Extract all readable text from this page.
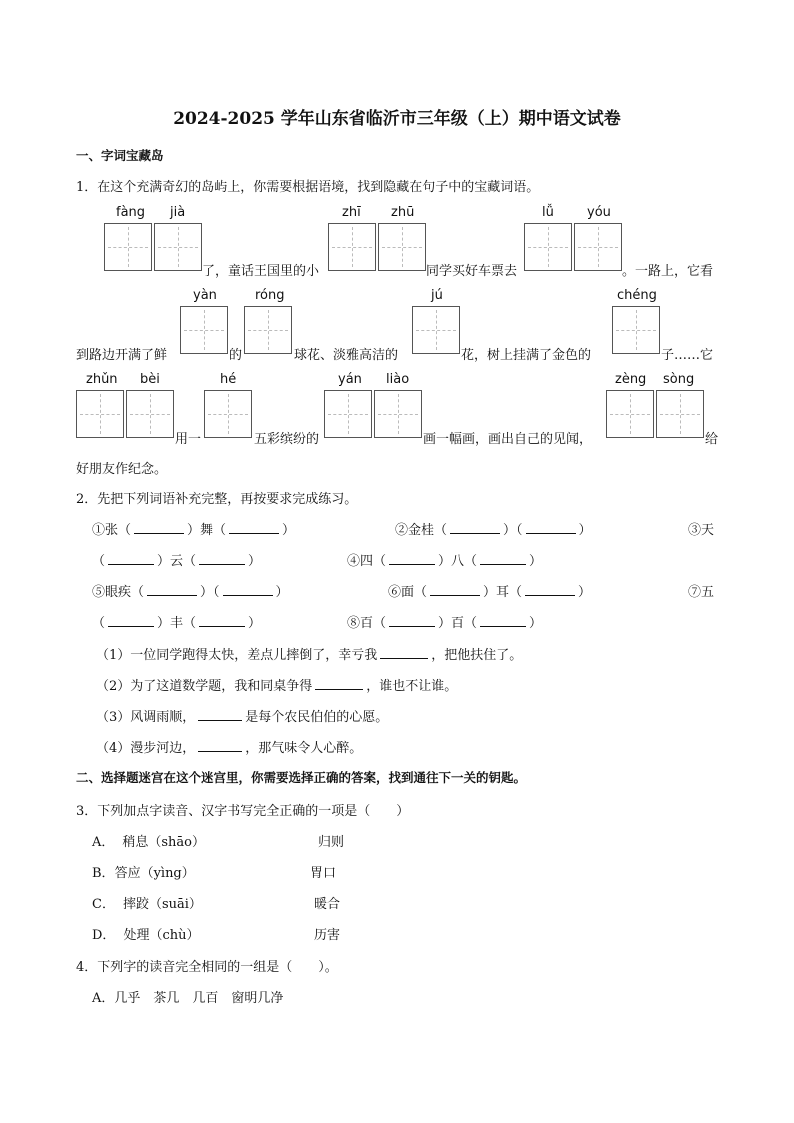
2024-2025 学年山东省临沂市三年级（上）期中语文试卷
一、字词宝藏岛
1．在这个充满奇幻的岛屿上，你需要根据语境，找到隐藏在句子中的宝藏词语。
fàng jià
了，童话王国里的小
zhī zhū
同学买好车票去
lǚ	yóu
。一路上，它看
到路边开满了鲜
yàn
的
róng
球花、淡雅高洁的
jú
花，树上挂满了金色的
chéng
子……它
zhǔn bèi
用一
hé
五彩缤纷的
yán liào
画一幅画，画出自己的见闻，
zèng sòng
给
好朋友作纪念。
2．先把下列词语补充完整，再按要求完成练习。
①张（	）舞（	）	②金桂（	）（	）	③天
（	）云（	）	④四（	）八（	）
⑤眼疾（	）（	）	⑥面（	）耳（	）	⑦五
（	）丰（	）	⑧百（	）百（	）
（1）一位同学跑得太快，差点儿摔倒了，幸亏我	，把他扶住了。
（2）为了这道数学题，我和同桌争得	，谁也不让谁。
（3）风调雨顺，	是每个农民伯伯的心愿。
（4）漫步河边，	，那气味令人心醉。
二、选择题迷宫在这个迷宫里，你需要选择正确的答案，找到通往下一关的钥匙。
3．下列加点字读音、汉字书写完全正确的一项是（　　）
A． 稍息（shāo）	归则
B．答应（yìng）	胃口
C． 摔跤（suāi）	暖合
D． 处理（chù）	历害
4．下列字的读音完全相同的一组是（　　）。
A．几乎　茶几　几百　窗明几净
